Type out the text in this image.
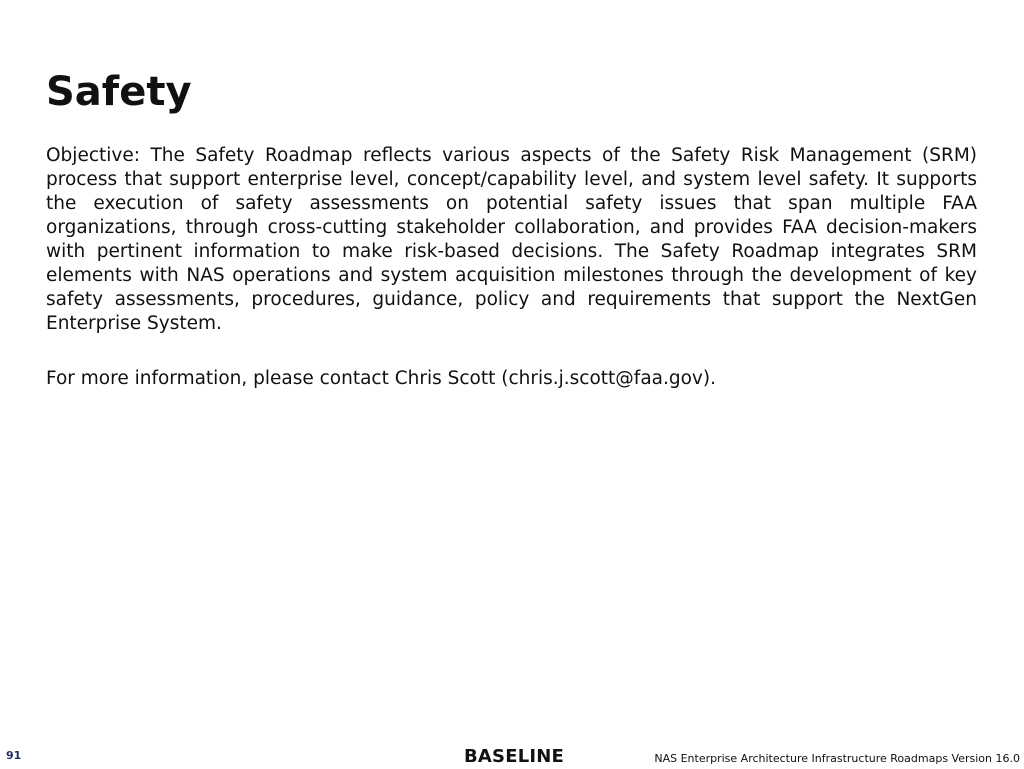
Safety

Objective: The Safety Roadmap reflects various aspects of the Safety Risk Management (SRM) process that support enterprise level, concept/capability level, and system level safety. It supports the execution of safety assessments on potential safety issues that span multiple FAA organizations, through cross-cutting stakeholder collaboration, and provides FAA decision-makers with pertinent information to make risk-based decisions. The Safety Roadmap integrates SRM elements with NAS operations and system acquisition milestones through the development of key safety assessments, procedures, guidance, policy and requirements that support the NextGen Enterprise System.

For more information, please contact Chris Scott (chris.j.scott@faa.gov).

91	BASELINE	NAS Enterprise Architecture Infrastructure Roadmaps Version 16.0
